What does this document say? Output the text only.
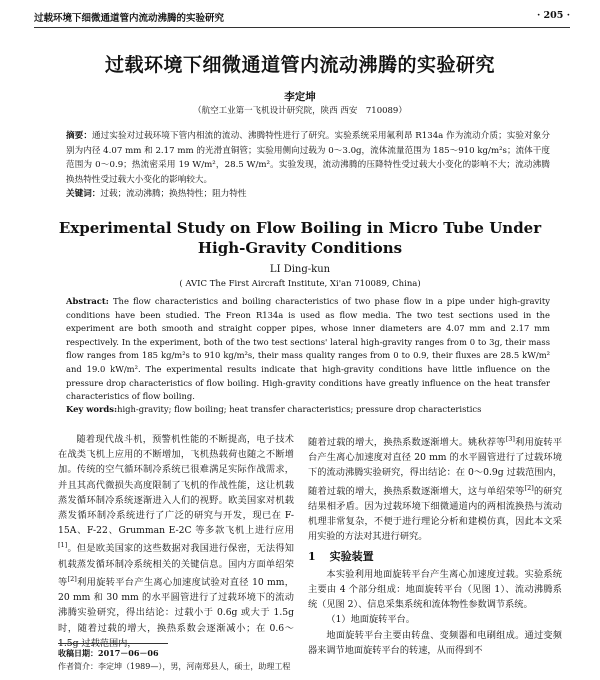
过载环境下细微通道管内流动沸腾的实验研究	· 205 ·
过载环境下细微通道管内流动沸腾的实验研究
李定坤
（航空工业第一飞机设计研究院，陕西 西安　710089）
摘要：通过实验对过载环境下管内相流的流动、沸腾特性进行了研究。实验系统采用氟利昂 R134a 作为流动介质；实验对象分别为内径 4.07 mm 和 2.17 mm 的光滑直铜管；实验用侧向过载为 0～3.0g，流体流量范围为 185～910 kg/m²s；流体干度范围为 0～0.9；热流密采用 19 W/m²，28.5 W/m²。实验发现，流动沸腾的压降特性受过载大小变化的影响不大；流动沸腾换热特性受过载大小变化的影响较大。
关键词：过载；流动沸腾；换热特性；阻力特性
Experimental Study on Flow Boiling in Micro Tube Under
High-Gravity Conditions
LI Ding-kun
( AVIC The First Aircraft Institute, Xi'an 710089, China)
Abstract: The flow characteristics and boiling characteristics of two phase flow in a pipe under high-gravity conditions have been studied. The Freon R134a is used as flow media. The two test sections used in the experiment are both smooth and straight copper pipes, whose inner diameters are 4.07 mm and 2.17 mm respectively. In the experiment, both of the two test sections' lateral high-gravity ranges from 0 to 3g, their mass flow ranges from 185 kg/m²s to 910 kg/m²s, their mass quality ranges from 0 to 0.9, their fluxes are 28.5 kW/m² and 19.0 kW/m². The experimental results indicate that high-gravity conditions have little influence on the pressure drop characteristics of flow boiling. High-gravity conditions have greatly influence on the heat transfer characteristics of flow boiling.
Key words:high-gravity; flow boiling; heat transfer characteristics; pressure drop characteristics

随着现代战斗机，预警机性能的不断提高，电子技术在战类飞机上应用的不断增加，飞机热载荷也随之不断增加。传统的空气循环制冷系统已很难满足实际作战需求，并且其高代微损失高度限制了飞机的作战性能，这让机载蒸发循环制冷系统逐渐进入人们的视野。欧美国家对机载蒸发循环制冷系统进行了广泛的研究与开发，现已在 F-15A、F-22、Grumman E-2C 等多款飞机上进行应用[1]。但是欧美国家的这些数据对我国进行保密，无法得知机载蒸发循环制冷系统相关的关键信息。国内方面单绍荣等[2]利用旋转平台产生离心加速度试验对直径 10 mm，20 mm 和 30 mm 的水平圆管进行了过载环境下的流动沸腾实验研究，得出结论：过载小于 0.6g 或大于 1.5g 时，随着过载的增大，换热系数会逐渐减小；在 0.6～1.5g 过载范围内，

随着过载的增大，换热系数逐渐增大。姚秋荐等[3]利用旋转平台产生离心加速度对直径 20 mm 的水平圆管进行了过载环境下的流动沸腾实验研究，得出结论：在 0～0.9g 过载范围内，随着过载的增大，换热系数逐渐增大，这与单绍荣等[2]的研究结果相矛盾。因为过载环境下细微通道内的两相流换热与流动机理非常复杂，不便于进行理论分析和建模仿真，因此本文采用实验的方法对其进行研究。

1 实验装置

本实验利用地面旋转平台产生离心加速度过载。实验系统主要由 4 个部分组成：地面旋转平台（见图 1）、流动沸腾系统（见图 2）、信息采集系统和流体物性参数调节系统。

（1）地面旋转平台。

地面旋转平台主要由转盘、变频器和电刷组成。通过变频器来调节地面旋转平台的转速，从而得到不

收稿日期：2017－06－06
作者简介：李定坤（1989—），男，河南郑县人，硕士，助理工程
